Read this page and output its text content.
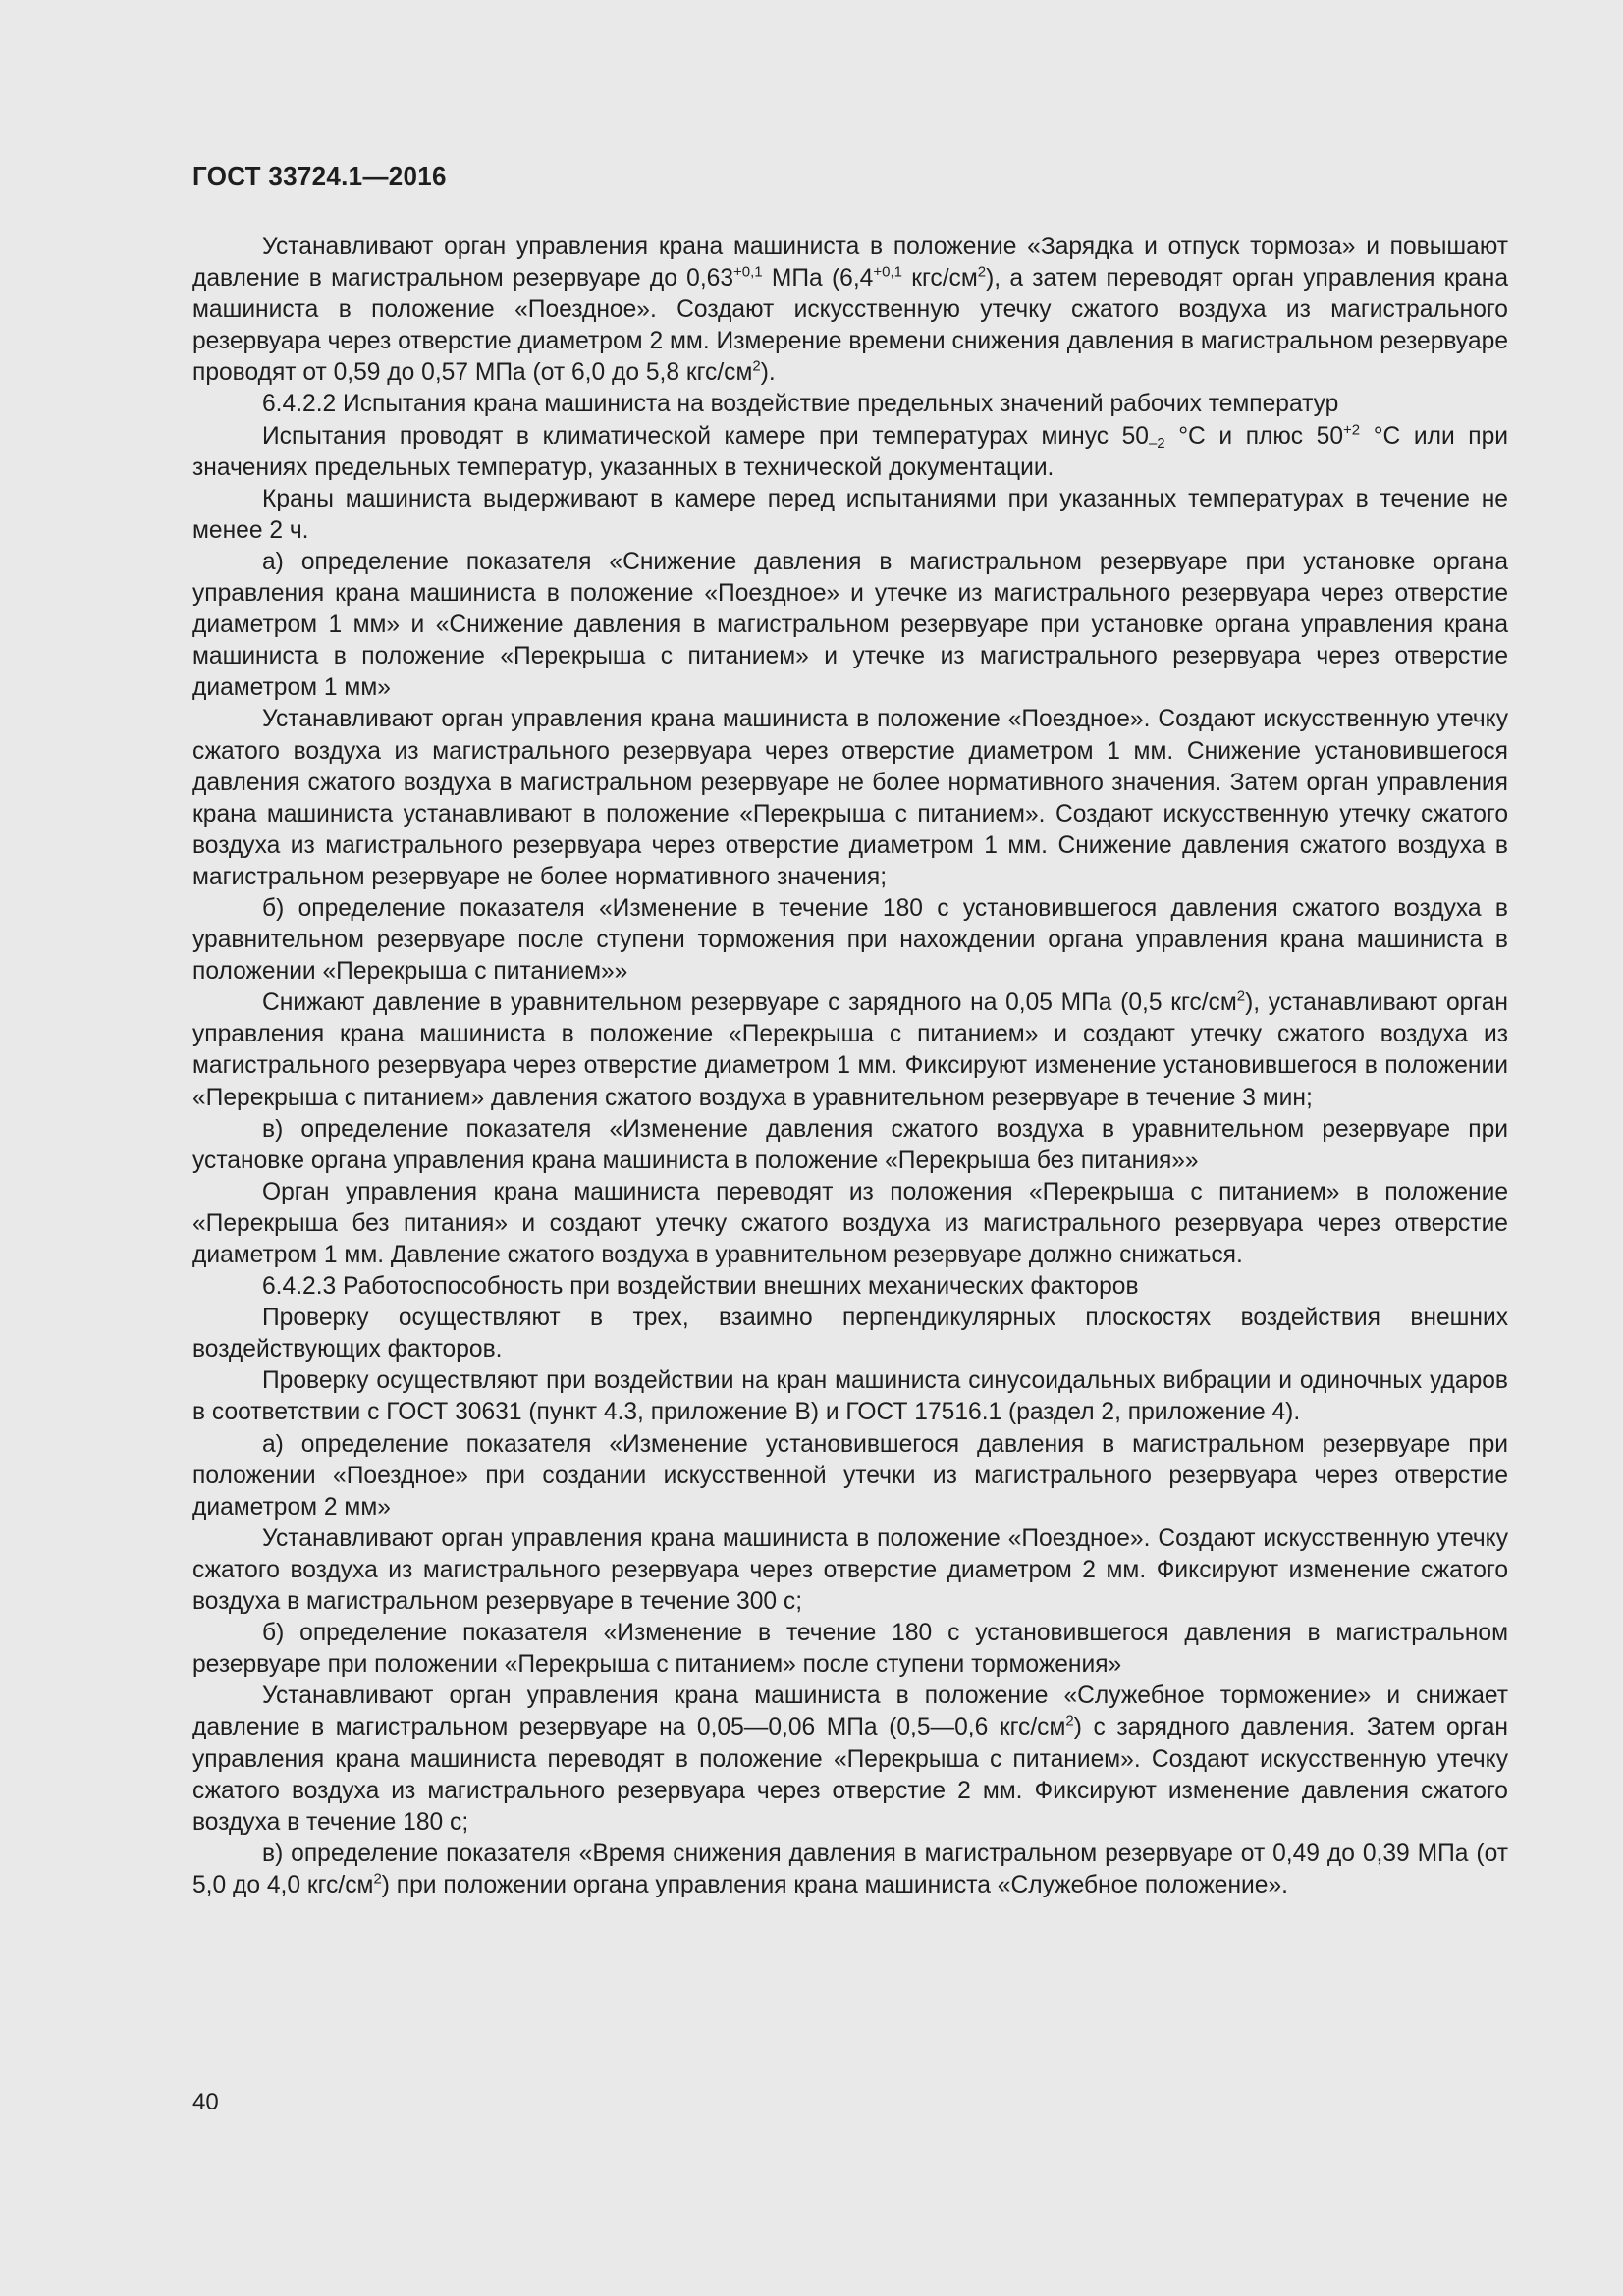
ГОСТ 33724.1—2016

Устанавливают орган управления крана машиниста в положение «Зарядка и отпуск тормоза» и повышают давление в магистральном резервуаре до $0,63^{+0,1}$ МПа ($6,4^{+0,1}$ кгс/$см^2$), а затем переводят орган управления крана машиниста в положение «Поездное». Создают искусственную утечку сжатого воздуха из магистрального резервуара через отверстие диаметром 2 мм. Измерение времени снижения давления в магистральном резервуаре проводят от 0,59 до 0,57 МПа (от 6,0 до 5,8 кгс/$см^2$).

6.4.2.2 Испытания крана машиниста на воздействие предельных значений рабочих температур

Испытания проводят в климатической камере при температурах минус $50_{-2}$ °С и плюс $50^{+2}$ °С или при значениях предельных температур, указанных в технической документации.

Краны машиниста выдерживают в камере перед испытаниями при указанных температурах в течение не менее 2 ч.

а) определение показателя «Снижение давления в магистральном резервуаре при установке органа управления крана машиниста в положение «Поездное» и утечке из магистрального резервуара через отверстие диаметром 1 мм» и «Снижение давления в магистральном резервуаре при установке органа управления крана машиниста в положение «Перекрыша с питанием» и утечке из магистрального резервуара через отверстие диаметром 1 мм»

Устанавливают орган управления крана машиниста в положение «Поездное». Создают искусственную утечку сжатого воздуха из магистрального резервуара через отверстие диаметром 1 мм. Снижение установившегося давления сжатого воздуха в магистральном резервуаре не более нормативного значения. Затем орган управления крана машиниста устанавливают в положение «Перекрыша с питанием». Создают искусственную утечку сжатого воздуха из магистрального резервуара через отверстие диаметром 1 мм. Снижение давления сжатого воздуха в магистральном резервуаре не более нормативного значения;

б) определение показателя «Изменение в течение 180 с установившегося давления сжатого воздуха в уравнительном резервуаре после ступени торможения при нахождении органа управления крана машиниста в положении «Перекрыша с питанием»»

Снижают давление в уравнительном резервуаре с зарядного на 0,05 МПа (0,5 кгс/$см^2$), устанавливают орган управления крана машиниста в положение «Перекрыша с питанием» и создают утечку сжатого воздуха из магистрального резервуара через отверстие диаметром 1 мм. Фиксируют изменение установившегося в положении «Перекрыша с питанием» давления сжатого воздуха в уравнительном резервуаре в течение 3 мин;

в) определение показателя «Изменение давления сжатого воздуха в уравнительном резервуаре при установке органа управления крана машиниста в положение «Перекрыша без питания»»

Орган управления крана машиниста переводят из положения «Перекрыша с питанием» в положение «Перекрыша без питания» и создают утечку сжатого воздуха из магистрального резервуара через отверстие диаметром 1 мм. Давление сжатого воздуха в уравнительном резервуаре должно снижаться.

6.4.2.3 Работоспособность при воздействии внешних механических факторов

Проверку осуществляют в трех, взаимно перпендикулярных плоскостях воздействия внешних воздействующих факторов.

Проверку осуществляют при воздействии на кран машиниста синусоидальных вибрации и одиночных ударов в соответствии с ГОСТ 30631 (пункт 4.3, приложение В) и ГОСТ 17516.1 (раздел 2, приложение 4).

а) определение показателя «Изменение установившегося давления в магистральном резервуаре при положении «Поездное» при создании искусственной утечки из магистрального резервуара через отверстие диаметром 2 мм»

Устанавливают орган управления крана машиниста в положение «Поездное». Создают искусственную утечку сжатого воздуха из магистрального резервуара через отверстие диаметром 2 мм. Фиксируют изменение сжатого воздуха в магистральном резервуаре в течение 300 с;

б) определение показателя «Изменение в течение 180 с установившегося давления в магистральном резервуаре при положении «Перекрыша с питанием» после ступени торможения»

Устанавливают орган управления крана машиниста в положение «Служебное торможение» и снижает давление в магистральном резервуаре на 0,05—0,06 МПа (0,5—0,6 кгс/$см^2$) с зарядного давления. Затем орган управления крана машиниста переводят в положение «Перекрыша с питанием». Создают искусственную утечку сжатого воздуха из магистрального резервуара через отверстие 2 мм. Фиксируют изменение давления сжатого воздуха в течение 180 с;

в) определение показателя «Время снижения давления в магистральном резервуаре от 0,49 до 0,39 МПа (от 5,0 до 4,0 кгс/$см^2$) при положении органа управления крана машиниста «Служебное положение».

40
